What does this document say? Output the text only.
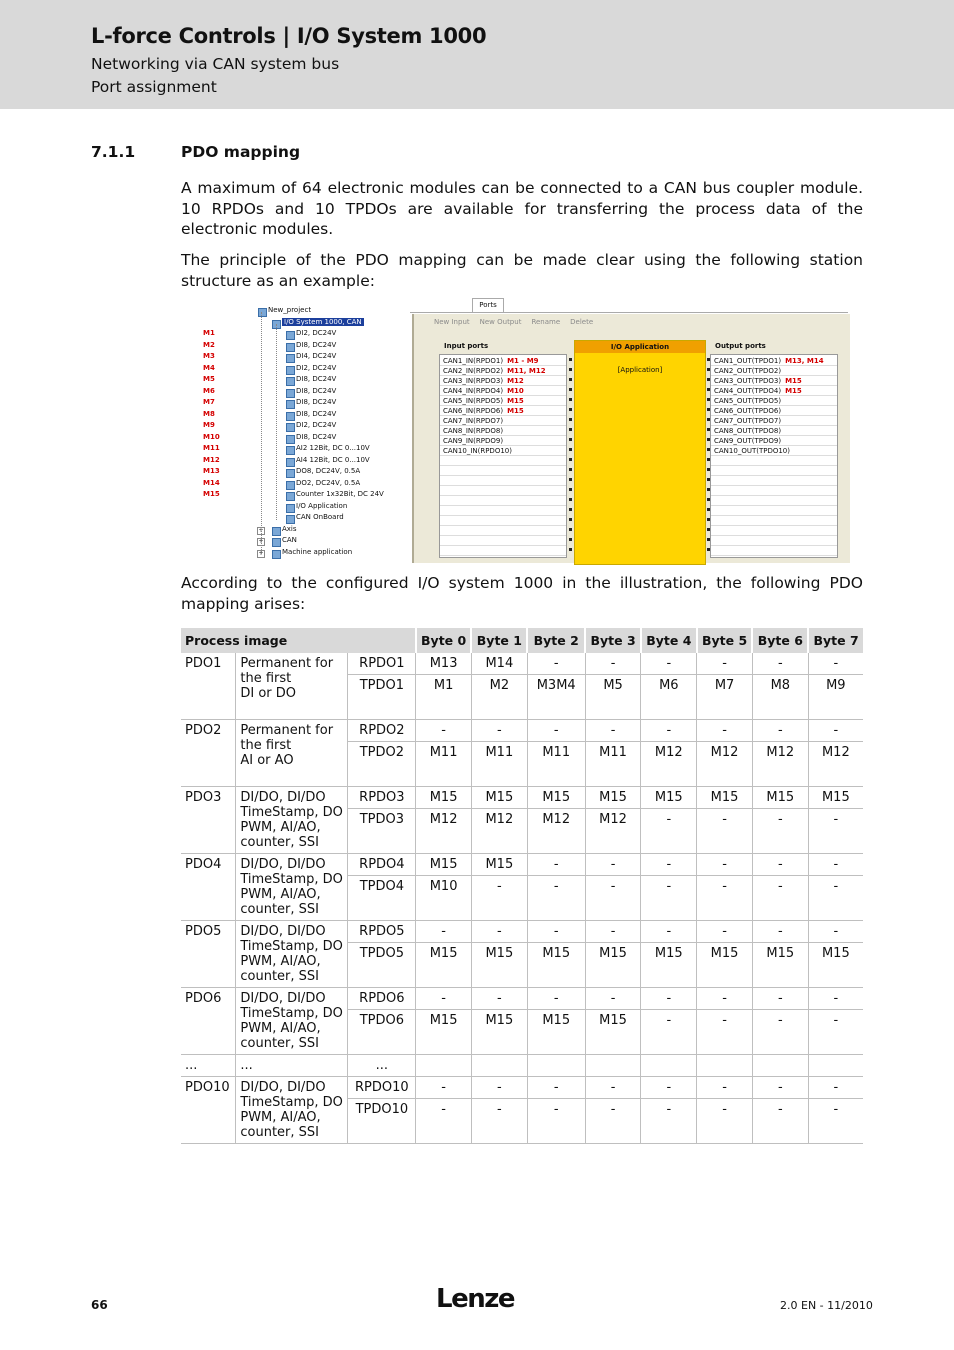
L-force Controls | I/O System 1000
Networking via CAN system bus
Port assignment
7.1.1	PDO mapping
A maximum of 64 electronic modules can be connected to a CAN bus coupler module. 10 RPDOs and 10 TPDOs are available for transferring the process data of the electronic modules.
The principle of the PDO mapping can be made clear using the following station structure as an example:
New_project
I/O System 1000, CAN
M1	DI2, DC24V
M2	DI8, DC24V
M3	DI4, DC24V
M4	DI2, DC24V
M5	DI8, DC24V
M6	DI8, DC24V
M7	DI8, DC24V
M8	DI8, DC24V
M9	DI2, DC24V
M10	DI8, DC24V
M11	AI2 12Bit, DC 0...10V
M12	AI4 12Bit, DC 0...10V
M13	DO8, DC24V, 0.5A
M14	DO2, DC24V, 0.5A
M15	Counter 1x32Bit, DC 24V
I/O Application
CAN OnBoard
Axis
+
CAN
+
Machine application
+
Ports
New Input New Output Rename Delete
Input ports
CAN1_IN(RPDO1) M1 - M9
CAN2_IN(RPDO2) M11, M12
CAN3_IN(RPDO3) M12
CAN4_IN(RPDO4) M10
CAN5_IN(RPDO5) M15
CAN6_IN(RPDO6) M15
CAN7_IN(RPDO7)
CAN8_IN(RPDO8)
CAN9_IN(RPDO9)
CAN10_IN(RPDO10)
I/O Application
[Application]
Output ports
CAN1_OUT(TPDO1) M13, M14
CAN2_OUT(TPDO2)
CAN3_OUT(TPDO3) M15
CAN4_OUT(TPDO4) M15
CAN5_OUT(TPDO5)
CAN6_OUT(TPDO6)
CAN7_OUT(TPDO7)
CAN8_OUT(TPDO8)
CAN9_OUT(TPDO9)
CAN10_OUT(TPDO10)
According to the configured I/O system 1000 in the illustration, the following PDO mapping arises:
Process image			Byte 0	Byte 1	Byte 2	Byte 3	Byte 4	Byte 5	Byte 6	Byte 7
PDO1	Permanent for the first
DI or DO	RPDO1	M13	M14	-	-	-	-	-	-
		TPDO1	M1	M2	M3M4	M5	M6	M7	M8	M9
PDO2	Permanent for the first
AI or AO	RPDO2	-	-	-	-	-	-	-	-
		TPDO2	M11	M11	M11	M11	M12	M12	M12	M12
PDO3	DI/DO, DI/DO TimeStamp, DO PWM, AI/AO, counter, SSI	RPDO3	M15	M15	M15	M15	M15	M15	M15	M15
		TPDO3	M12	M12	M12	M12	-	-	-	-
PDO4	DI/DO, DI/DO TimeStamp, DO PWM, AI/AO, counter, SSI	RPDO4	M15	M15	-	-	-	-	-	-
		TPDO4	M10	-	-	-	-	-	-	-
PDO5	DI/DO, DI/DO TimeStamp, DO PWM, AI/AO, counter, SSI	RPDO5	-	-	-	-	-	-	-	-
		TPDO5	M15	M15	M15	M15	M15	M15	M15	M15
PDO6	DI/DO, DI/DO TimeStamp, DO PWM, AI/AO, counter, SSI	RPDO6	-	-	-	-	-	-	-	-
		TPDO6	M15	M15	M15	M15	-	-	-	-
...	...	...								
PDO10	DI/DO, DI/DO TimeStamp, DO PWM, AI/AO, counter, SSI	RPDO10	-	-	-	-	-	-	-	-
		TPDO10	-	-	-	-	-	-	-	-
66	Lenze	2.0 EN - 11/2010
